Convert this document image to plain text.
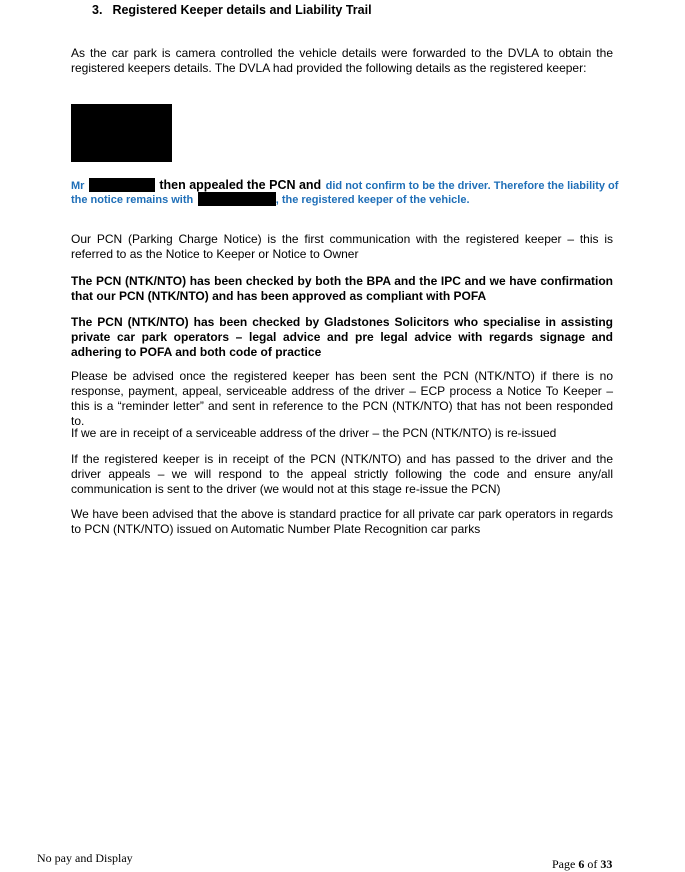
3. Registered Keeper details and Liability Trail

As the car park is camera controlled the vehicle details were forwarded to the DVLA to obtain the registered keepers details. The DVLA had provided the following details as the registered keeper:

Mr	then appealed the PCN and did not confirm to be the driver. Therefore the liability of

the notice remains with	, the registered keeper of the vehicle.

Our PCN (Parking Charge Notice) is the first communication with the registered keeper – this is referred to as the Notice to Keeper or Notice to Owner

The PCN (NTK/NTO) has been checked by both the BPA and the IPC and we have confirmation that our PCN (NTK/NTO) and has been approved as compliant with POFA

The PCN (NTK/NTO) has been checked by Gladstones Solicitors who specialise in assisting private car park operators – legal advice and pre legal advice with regards signage and adhering to POFA and both code of practice

Please be advised once the registered keeper has been sent the PCN (NTK/NTO) if there is no response, payment, appeal, serviceable address of the driver – ECP process a Notice To Keeper – this is a “reminder letter” and sent in reference to the PCN (NTK/NTO) that has not been responded to.

If we are in receipt of a serviceable address of the driver – the PCN (NTK/NTO) is re-issued

If the registered keeper is in receipt of the PCN (NTK/NTO) and has passed to the driver and the driver appeals – we will respond to the appeal strictly following the code and ensure any/all communication is sent to the driver (we would not at this stage re-issue the PCN)

We have been advised that the above is standard practice for all private car park operators in regards to PCN (NTK/NTO) issued on Automatic Number Plate Recognition car parks

No pay and Display	Page 6 of 33
